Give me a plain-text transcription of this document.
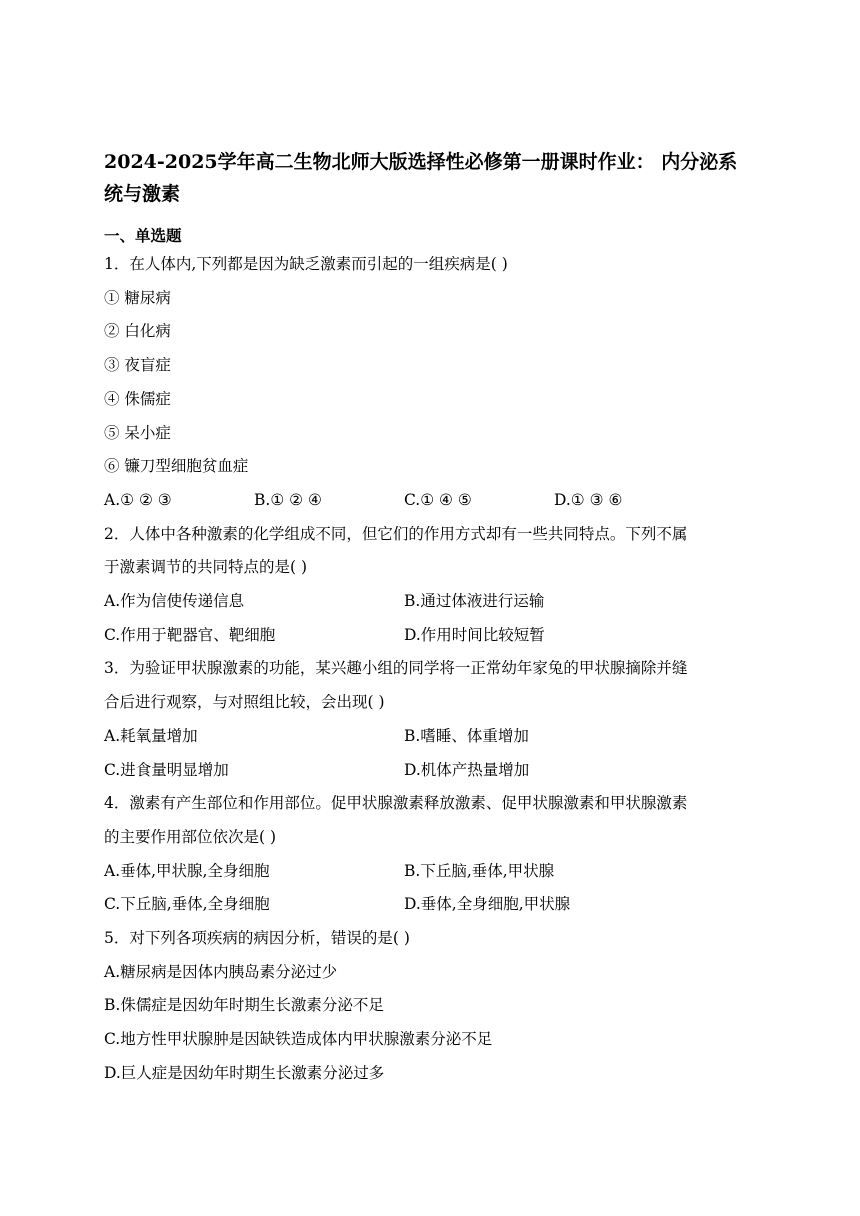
2024-2025学年高二生物北师大版选择性必修第一册课时作业： 内分泌系
统与激素
一、单选题
1．在人体内,下列都是因为缺乏激素而引起的一组疾病是( )
① 糖尿病
② 白化病
③ 夜盲症
④ 侏儒症
⑤ 呆小症
⑥ 镰刀型细胞贫血症
A.① ② ③	B.① ② ④	C.① ④ ⑤	D.① ③ ⑥
2．人体中各种激素的化学组成不同，但它们的作用方式却有一些共同特点。下列不属
于激素调节的共同特点的是( )
A.作为信使传递信息	B.通过体液进行运输
C.作用于靶器官、靶细胞	D.作用时间比较短暂
3．为验证甲状腺激素的功能，某兴趣小组的同学将一正常幼年家兔的甲状腺摘除并缝
合后进行观察，与对照组比较，会出现( )
A.耗氧量增加	B.嗜睡、体重增加
C.进食量明显增加	D.机体产热量增加
4．激素有产生部位和作用部位。促甲状腺激素释放激素、促甲状腺激素和甲状腺激素
的主要作用部位依次是( )
A.垂体,甲状腺,全身细胞	B.下丘脑,垂体,甲状腺
C.下丘脑,垂体,全身细胞	D.垂体,全身细胞,甲状腺
5．对下列各项疾病的病因分析，错误的是( )
A.糖尿病是因体内胰岛素分泌过少
B.侏儒症是因幼年时期生长激素分泌不足
C.地方性甲状腺肿是因缺铁造成体内甲状腺激素分泌不足
D.巨人症是因幼年时期生长激素分泌过多
